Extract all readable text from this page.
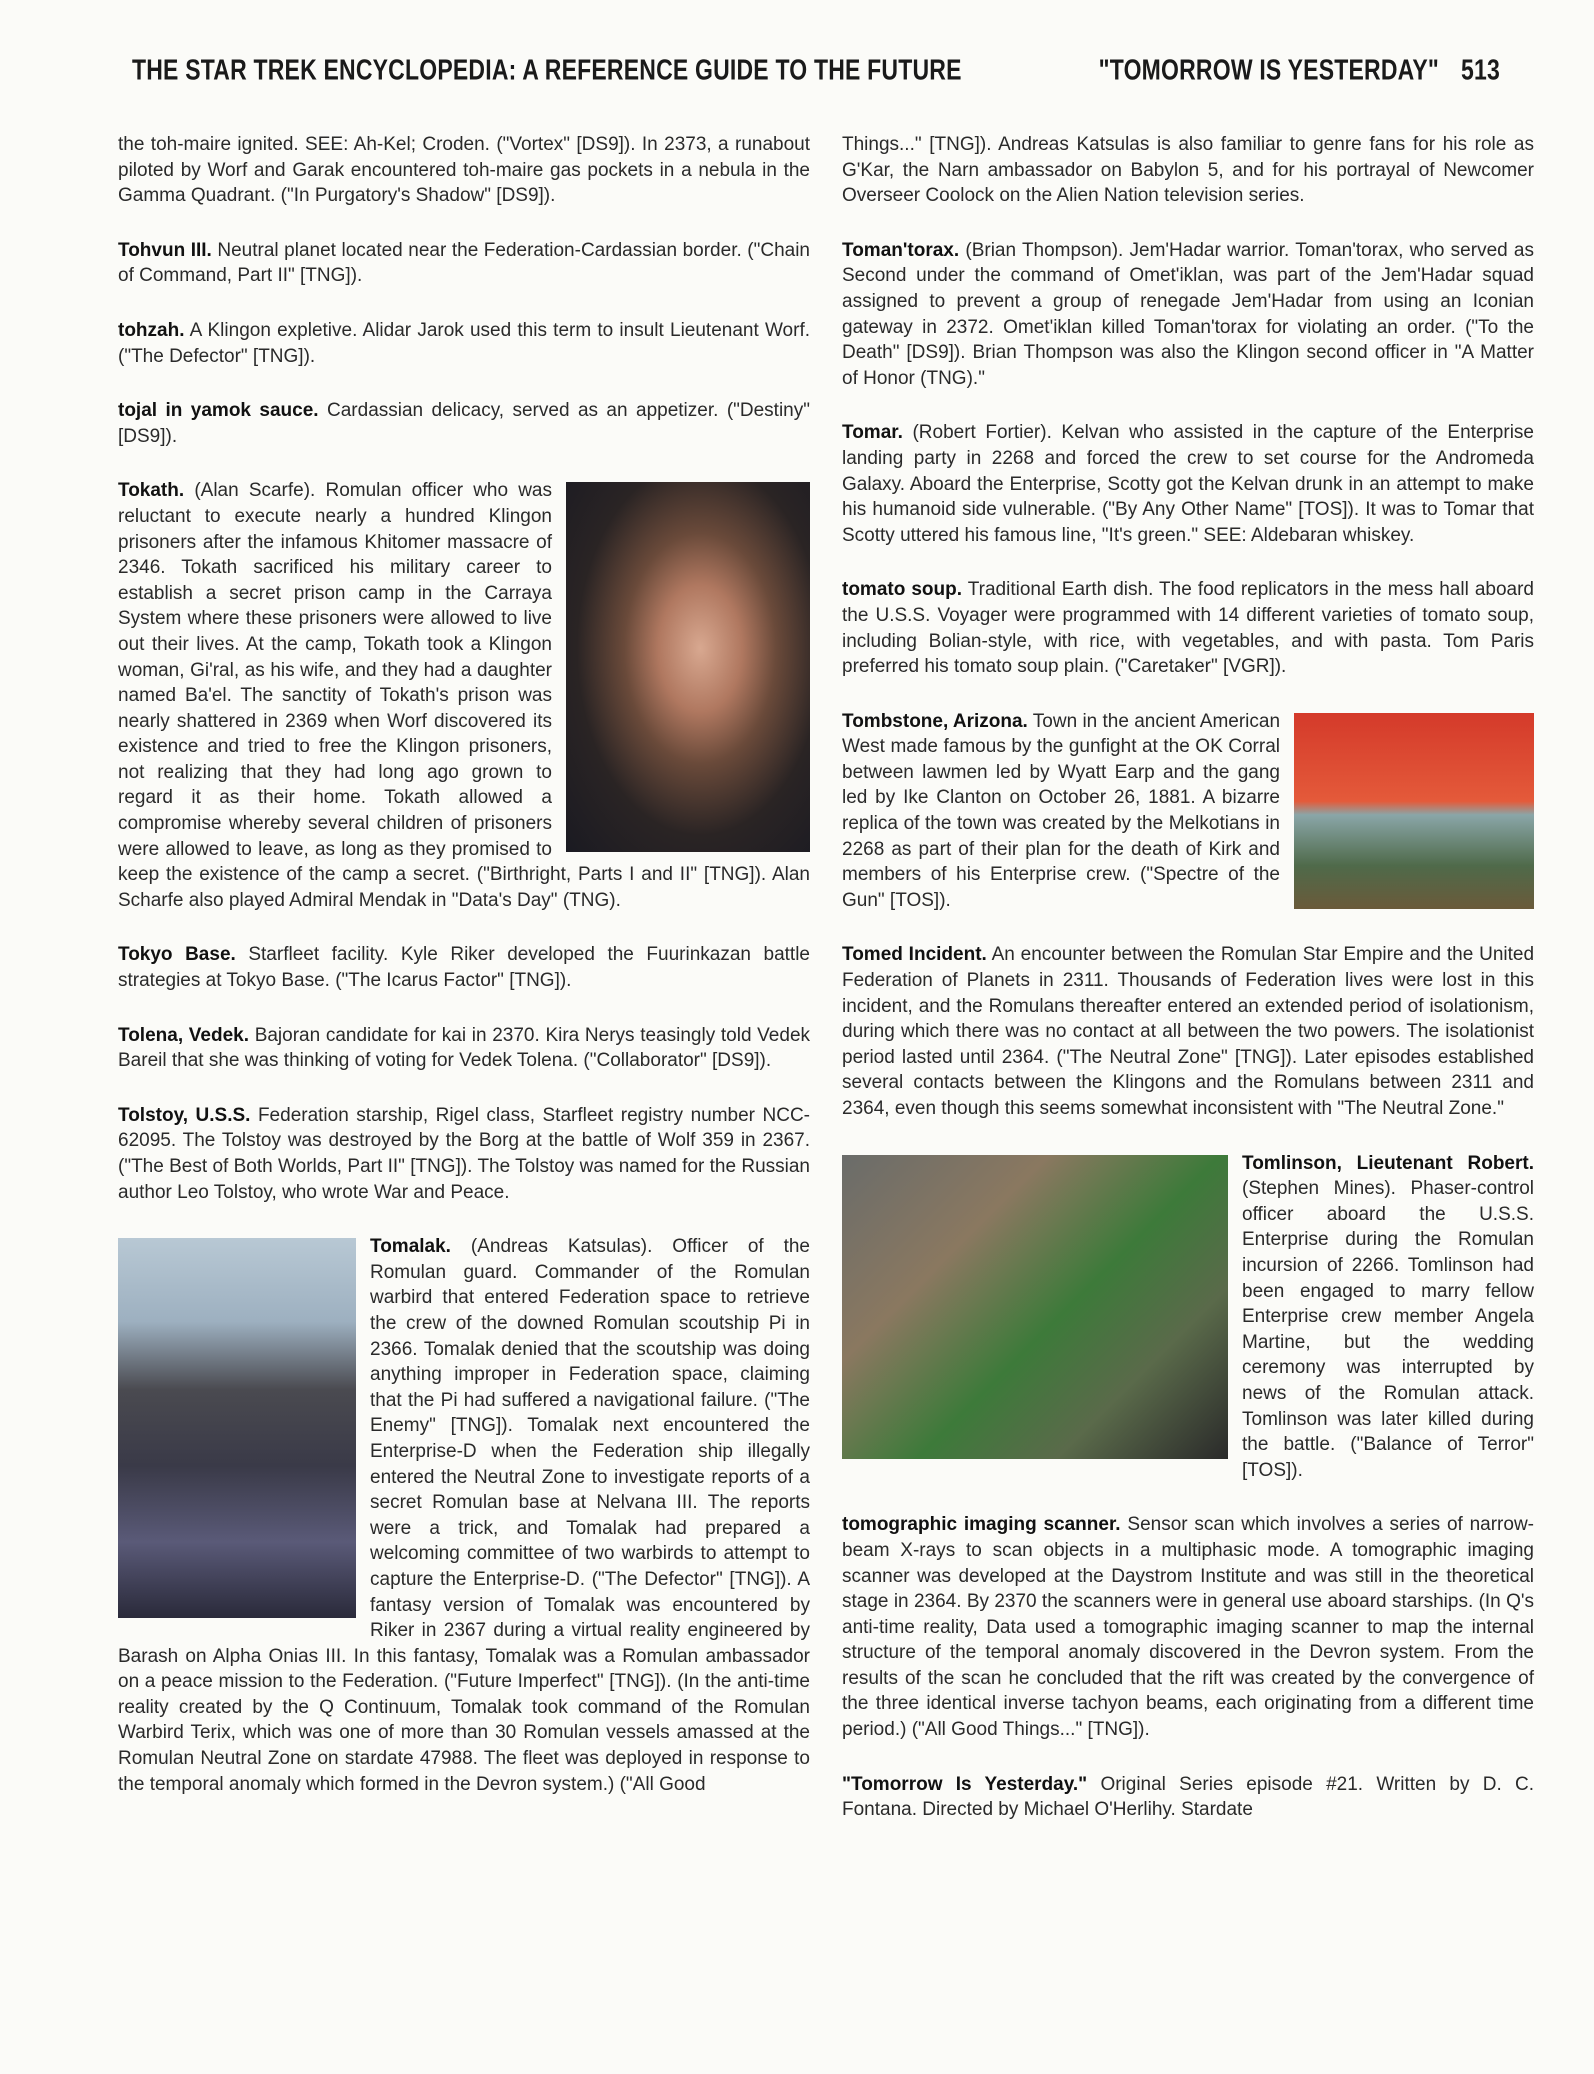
THE STAR TREK ENCYCLOPEDIA: A REFERENCE GUIDE TO THE FUTURE	"TOMORROW IS YESTERDAY" 513

the toh-maire ignited. SEE: Ah-Kel; Croden. ("Vortex" [DS9]). In 2373, a runabout piloted by Worf and Garak encountered toh-maire gas pockets in a nebula in the Gamma Quadrant. ("In Purgatory's Shadow" [DS9]).

Tohvun III. Neutral planet located near the Federation-Cardassian border. ("Chain of Command, Part II" [TNG]).

tohzah. A Klingon expletive. Alidar Jarok used this term to insult Lieutenant Worf. ("The Defector" [TNG]).

tojal in yamok sauce. Cardassian delicacy, served as an appetizer. ("Destiny" [DS9]).

Tokath. (Alan Scarfe). Romulan officer who was reluctant to execute nearly a hundred Klingon prisoners after the infamous Khitomer massacre of 2346. Tokath sacrificed his military career to establish a secret prison camp in the Carraya System where these prisoners were allowed to live out their lives. At the camp, Tokath took a Klingon woman, Gi'ral, as his wife, and they had a daughter named Ba'el. The sanctity of Tokath's prison was nearly shattered in 2369 when Worf discovered its existence and tried to free the Klingon prisoners, not realizing that they had long ago grown to regard it as their home. Tokath allowed a compromise whereby several children of prisoners were allowed to leave, as long as they promised to keep the existence of the camp a secret. ("Birthright, Parts I and II" [TNG]). Alan Scharfe also played Admiral Mendak in "Data's Day" (TNG).

Tokyo Base. Starfleet facility. Kyle Riker developed the Fuurinkazan battle strategies at Tokyo Base. ("The Icarus Factor" [TNG]).

Tolena, Vedek. Bajoran candidate for kai in 2370. Kira Nerys teasingly told Vedek Bareil that she was thinking of voting for Vedek Tolena. ("Collaborator" [DS9]).

Tolstoy, U.S.S. Federation starship, Rigel class, Starfleet registry number NCC-62095. The Tolstoy was destroyed by the Borg at the battle of Wolf 359 in 2367. ("The Best of Both Worlds, Part II" [TNG]). The Tolstoy was named for the Russian author Leo Tolstoy, who wrote War and Peace.

Tomalak. (Andreas Katsulas). Officer of the Romulan guard. Commander of the Romulan warbird that entered Federation space to retrieve the crew of the downed Romulan scoutship Pi in 2366. Tomalak denied that the scoutship was doing anything improper in Federation space, claiming that the Pi had suffered a navigational failure. ("The Enemy" [TNG]). Tomalak next encountered the Enterprise-D when the Federation ship illegally entered the Neutral Zone to investigate reports of a secret Romulan base at Nelvana III. The reports were a trick, and Tomalak had prepared a welcoming committee of two warbirds to attempt to capture the Enterprise-D. ("The Defector" [TNG]). A fantasy version of Tomalak was encountered by Riker in 2367 during a virtual reality engineered by Barash on Alpha Onias III. In this fantasy, Tomalak was a Romulan ambassador on a peace mission to the Federation. ("Future Imperfect" [TNG]). (In the anti-time reality created by the Q Continuum, Tomalak took command of the Romulan Warbird Terix, which was one of more than 30 Romulan vessels amassed at the Romulan Neutral Zone on stardate 47988. The fleet was deployed in response to the temporal anomaly which formed in the Devron system.) ("All Good

Things..." [TNG]). Andreas Katsulas is also familiar to genre fans for his role as G'Kar, the Narn ambassador on Babylon 5, and for his portrayal of Newcomer Overseer Coolock on the Alien Nation television series.

Toman'torax. (Brian Thompson). Jem'Hadar warrior. Toman'torax, who served as Second under the command of Omet'iklan, was part of the Jem'Hadar squad assigned to prevent a group of renegade Jem'Hadar from using an Iconian gateway in 2372. Omet'iklan killed Toman'torax for violating an order. ("To the Death" [DS9]). Brian Thompson was also the Klingon second officer in "A Matter of Honor (TNG)."

Tomar. (Robert Fortier). Kelvan who assisted in the capture of the Enterprise landing party in 2268 and forced the crew to set course for the Andromeda Galaxy. Aboard the Enterprise, Scotty got the Kelvan drunk in an attempt to make his humanoid side vulnerable. ("By Any Other Name" [TOS]). It was to Tomar that Scotty uttered his famous line, "It's green." SEE: Aldebaran whiskey.

tomato soup. Traditional Earth dish. The food replicators in the mess hall aboard the U.S.S. Voyager were programmed with 14 different varieties of tomato soup, including Bolian-style, with rice, with vegetables, and with pasta. Tom Paris preferred his tomato soup plain. ("Caretaker" [VGR]).

Tombstone, Arizona. Town in the ancient American West made famous by the gunfight at the OK Corral between lawmen led by Wyatt Earp and the gang led by Ike Clanton on October 26, 1881. A bizarre replica of the town was created by the Melkotians in 2268 as part of their plan for the death of Kirk and members of his Enterprise crew. ("Spectre of the Gun" [TOS]).

Tomed Incident. An encounter between the Romulan Star Empire and the United Federation of Planets in 2311. Thousands of Federation lives were lost in this incident, and the Romulans thereafter entered an extended period of isolationism, during which there was no contact at all between the two powers. The isolationist period lasted until 2364. ("The Neutral Zone" [TNG]). Later episodes established several contacts between the Klingons and the Romulans between 2311 and 2364, even though this seems somewhat inconsistent with "The Neutral Zone."

Tomlinson, Lieutenant Robert. (Stephen Mines). Phaser-control officer aboard the U.S.S. Enterprise during the Romulan incursion of 2266. Tomlinson had been engaged to marry fellow Enterprise crew member Angela Martine, but the wedding ceremony was interrupted by news of the Romulan attack. Tomlinson was later killed during the battle. ("Balance of Terror" [TOS]).

tomographic imaging scanner. Sensor scan which involves a series of narrow-beam X-rays to scan objects in a multiphasic mode. A tomographic imaging scanner was developed at the Daystrom Institute and was still in the theoretical stage in 2364. By 2370 the scanners were in general use aboard starships. (In Q's anti-time reality, Data used a tomographic imaging scanner to map the internal structure of the temporal anomaly discovered in the Devron system. From the results of the scan he concluded that the rift was created by the convergence of the three identical inverse tachyon beams, each originating from a different time period.) ("All Good Things..." [TNG]).

"Tomorrow Is Yesterday." Original Series episode #21. Written by D. C. Fontana. Directed by Michael O'Herlihy. Stardate
